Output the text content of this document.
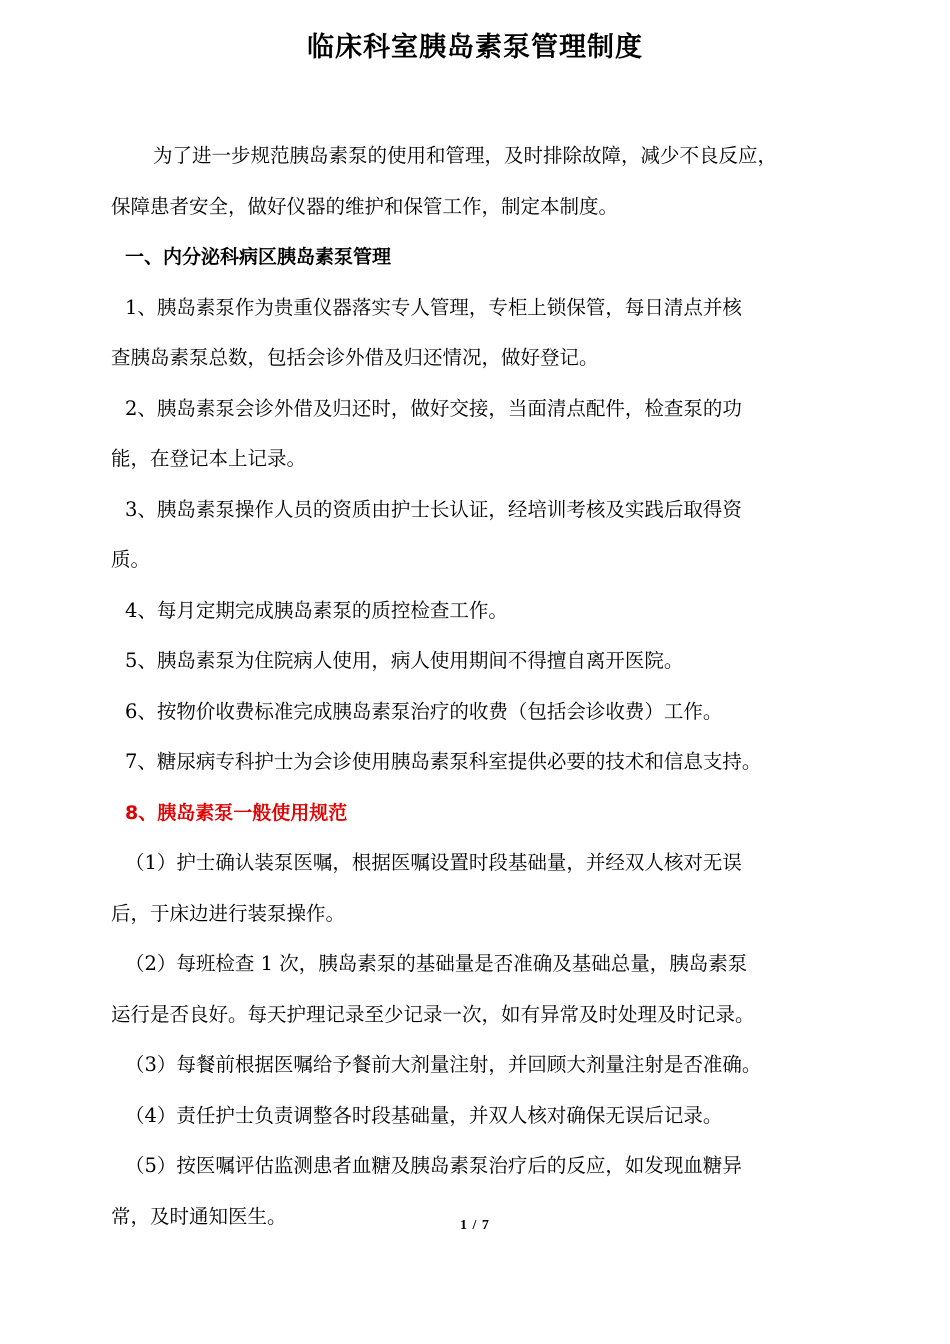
临床科室胰岛素泵管理制度

为了进一步规范胰岛素泵的使用和管理，及时排除故障，减少不良反应，

保障患者安全，做好仪器的维护和保管工作，制定本制度。

一、内分泌科病区胰岛素泵管理

1、胰岛素泵作为贵重仪器落实专人管理，专柜上锁保管，每日清点并核

查胰岛素泵总数，包括会诊外借及归还情况，做好登记。

2、胰岛素泵会诊外借及归还时，做好交接，当面清点配件，检查泵的功

能，在登记本上记录。

3、胰岛素泵操作人员的资质由护士长认证，经培训考核及实践后取得资

质。

4、每月定期完成胰岛素泵的质控检查工作。

5、胰岛素泵为住院病人使用，病人使用期间不得擅自离开医院。

6、按物价收费标准完成胰岛素泵治疗的收费（包括会诊收费）工作。

7、糖尿病专科护士为会诊使用胰岛素泵科室提供必要的技术和信息支持。

8、胰岛素泵一般使用规范

（1）护士确认装泵医嘱，根据医嘱设置时段基础量，并经双人核对无误

后，于床边进行装泵操作。

（2）每班检查 1 次，胰岛素泵的基础量是否准确及基础总量，胰岛素泵

运行是否良好。每天护理记录至少记录一次，如有异常及时处理及时记录。

（3）每餐前根据医嘱给予餐前大剂量注射，并回顾大剂量注射是否准确。

（4）责任护士负责调整各时段基础量，并双人核对确保无误后记录。

（5）按医嘱评估监测患者血糖及胰岛素泵治疗后的反应，如发现血糖异

常，及时通知医生。	1 / 7
